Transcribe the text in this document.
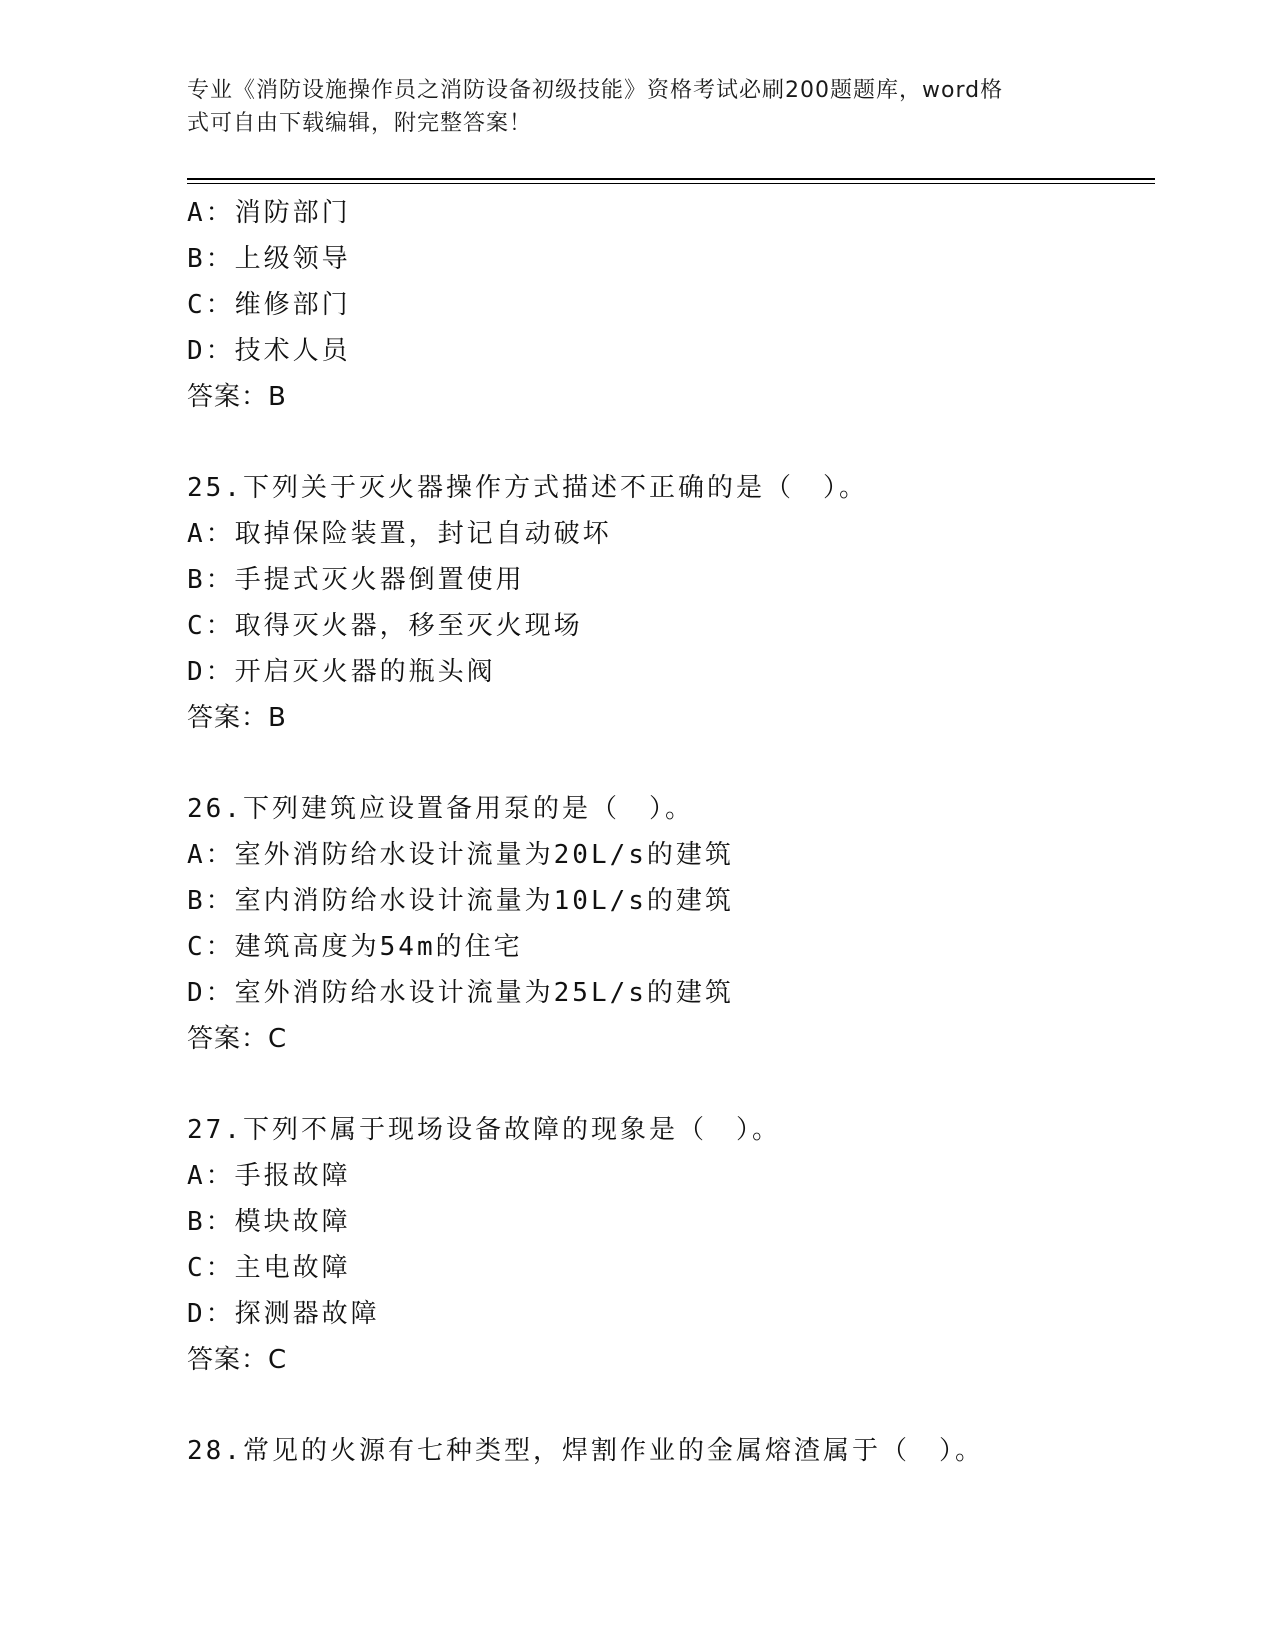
专业《消防设施操作员之消防设备初级技能》资格考试必刷200题题库，word格
式可自由下载编辑，附完整答案！
A：消防部门
B：上级领导
C：维修部门
D：技术人员
答案：B
25.下列关于灭火器操作方式描述不正确的是（　）。
A：取掉保险装置，封记自动破坏
B：手提式灭火器倒置使用
C：取得灭火器，移至灭火现场
D：开启灭火器的瓶头阀
答案：B
26.下列建筑应设置备用泵的是（　）。
A：室外消防给水设计流量为20L/s的建筑
B：室内消防给水设计流量为10L/s的建筑
C：建筑高度为54m的住宅
D：室外消防给水设计流量为25L/s的建筑
答案：C
27.下列不属于现场设备故障的现象是（　）。
A：手报故障
B：模块故障
C：主电故障
D：探测器故障
答案：C
28.常见的火源有七种类型，焊割作业的金属熔渣属于（　）。
